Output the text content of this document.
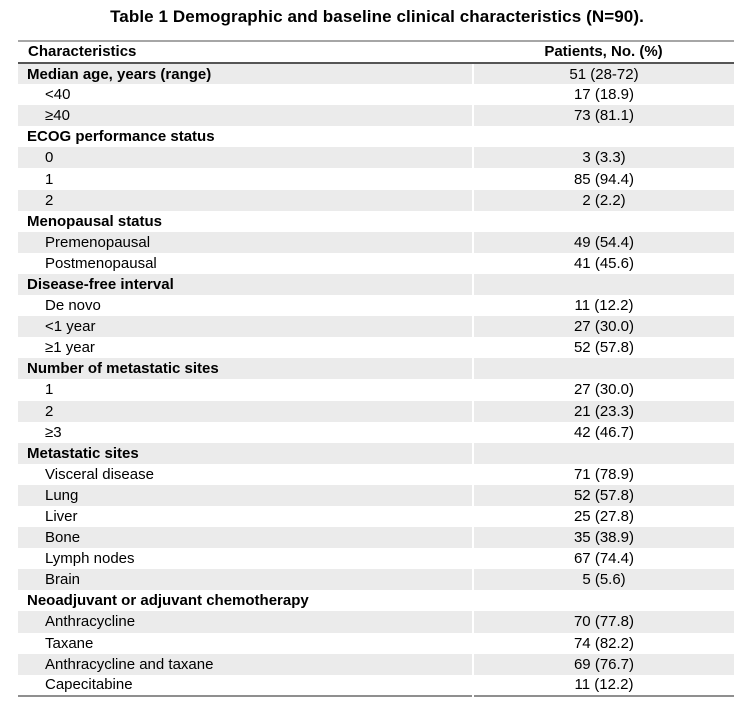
Table 1 Demographic and baseline clinical characteristics (N=90).
Characteristics	Patients, No. (%)
Median age, years (range)	51 (28-72)
<40	17 (18.9)
≥40	73 (81.1)
ECOG performance status	
0	3 (3.3)
1	85 (94.4)
2	2 (2.2)
Menopausal status	
Premenopausal	49 (54.4)
Postmenopausal	41 (45.6)
Disease-free interval	
De novo	11 (12.2)
<1 year	27 (30.0)
≥1 year	52 (57.8)
Number of metastatic sites	
1	27 (30.0)
2	21 (23.3)
≥3	42 (46.7)
Metastatic sites	
Visceral disease	71 (78.9)
Lung	52 (57.8)
Liver	25 (27.8)
Bone	35 (38.9)
Lymph nodes	67 (74.4)
Brain	5 (5.6)
Neoadjuvant or adjuvant chemotherapy	
Anthracycline	70 (77.8)
Taxane	74 (82.2)
Anthracycline and taxane	69 (76.7)
Capecitabine	11 (12.2)
